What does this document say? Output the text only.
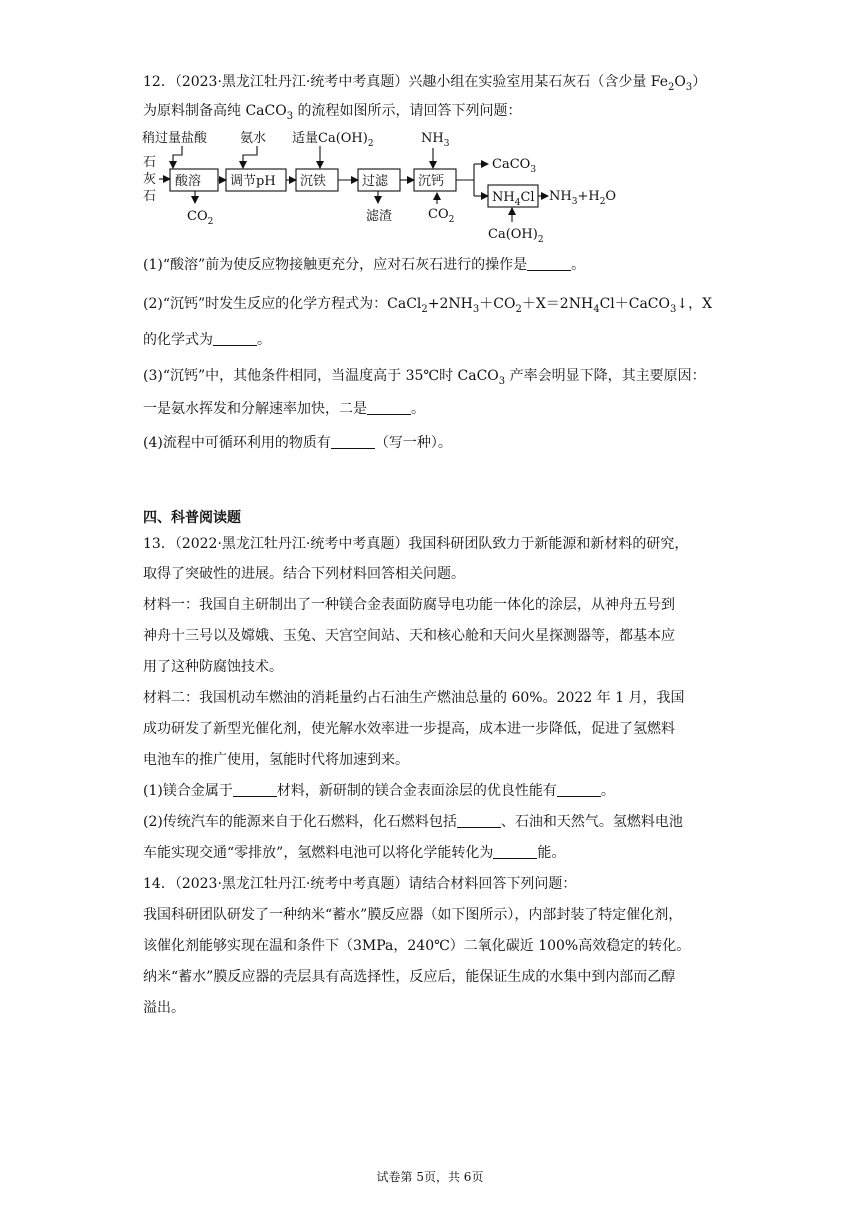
12．（2023·黑龙江牡丹江·统考中考真题）兴趣小组在实验室用某石灰石（含少量 $Fe_2O_3$）

为原料制备高纯 CaCO$_3$ 的流程如图所示，请回答下列问题：

稍过量盐酸	氨水 适量$Ca(OH)_2$	$NH_3$
石
灰
石
酸溶 调节pH 沉铁	过滤 沉钙
$CO_2$	滤渣	$CO_2$
CaCO$_3$
$NH_4Cl$ $NH_3+H_2O$
$Ca(OH)_2$

(1)“酸溶”前为使反应物接触更充分，应对石灰石进行的操作是	。

(2)“沉钙”时发生反应的化学方程式为：$CaCl_2+2NH_3+CO_2+X=2NH_4Cl+CaCO_3↓$，X

的化学式为	。

(3)“沉钙”中，其他条件相同，当温度高于 35℃时 CaCO$_3$ 产率会明显下降，其主要原因：

一是氨水挥发和分解速率加快，二是	。

(4)流程中可循环利用的物质有	（写一种）。

四、科普阅读题

13．（2022·黑龙江牡丹江·统考中考真题）我国科研团队致力于新能源和新材料的研究，

取得了突破性的进展。结合下列材料回答相关问题。

材料一：我国自主研制出了一种镁合金表面防腐导电功能一体化的涂层，从神舟五号到

神舟十三号以及嫦娥、玉兔、天宫空间站、天和核心舱和天问火星探测器等，都基本应

用了这种防腐蚀技术。

材料二：我国机动车燃油的消耗量约占石油生产燃油总量的 60%。2022 年 1 月，我国

成功研发了新型光催化剂，使光解水效率进一步提高，成本进一步降低，促进了氢燃料

电池车的推广使用，氢能时代将加速到来。

(1)镁合金属于	材料，新研制的镁合金表面涂层的优良性能有	。

(2)传统汽车的能源来自于化石燃料，化石燃料包括	、石油和天然气。氢燃料电池

车能实现交通“零排放”，氢燃料电池可以将化学能转化为	能。

14．（2023·黑龙江牡丹江·统考中考真题）请结合材料回答下列问题：

我国科研团队研发了一种纳米“蓄水”膜反应器（如下图所示），内部封装了特定催化剂，

该催化剂能够实现在温和条件下（3MPa，240℃）二氧化碳近 100%高效稳定的转化。

纳米“蓄水”膜反应器的壳层具有高选择性，反应后，能保证生成的水集中到内部而乙醇

溢出。

试卷第 5页，共 6页
